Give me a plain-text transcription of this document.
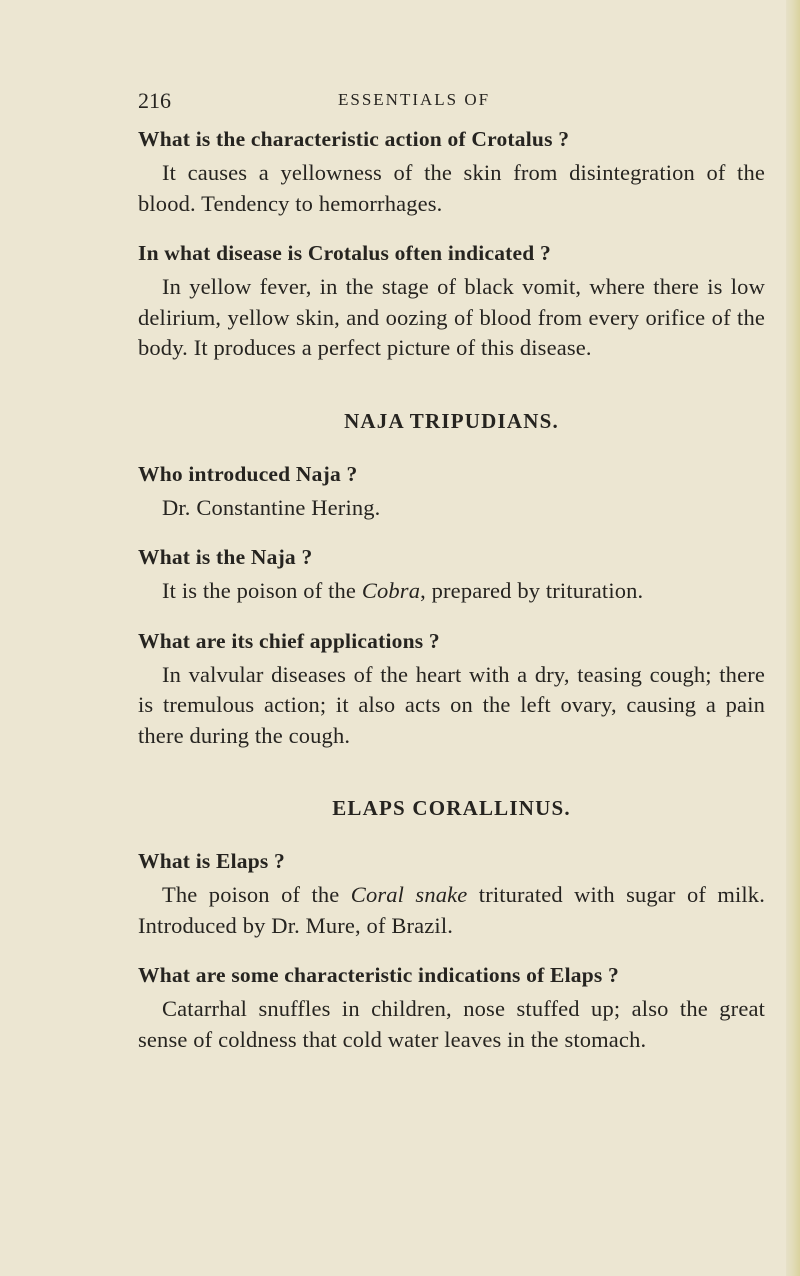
216	ESSENTIALS OF

What is the characteristic action of Crotalus ?

It causes a yellowness of the skin from disintegration of the blood. Tendency to hemorrhages.

In what disease is Crotalus often indicated ?

In yellow fever, in the stage of black vomit, where there is low delirium, yellow skin, and oozing of blood from every orifice of the body. It produces a perfect picture of this disease.

NAJA TRIPUDIANS.

Who introduced Naja ?

Dr. Constantine Hering.

What is the Naja ?

It is the poison of the Cobra, prepared by trituration.

What are its chief applications ?

In valvular diseases of the heart with a dry, teasing cough; there is tremulous action; it also acts on the left ovary, causing a pain there during the cough.

ELAPS CORALLINUS.

What is Elaps ?

The poison of the Coral snake triturated with sugar of milk. Introduced by Dr. Mure, of Brazil.

What are some characteristic indications of Elaps ?

Catarrhal snuffles in children, nose stuffed up; also the great sense of coldness that cold water leaves in the stomach.
